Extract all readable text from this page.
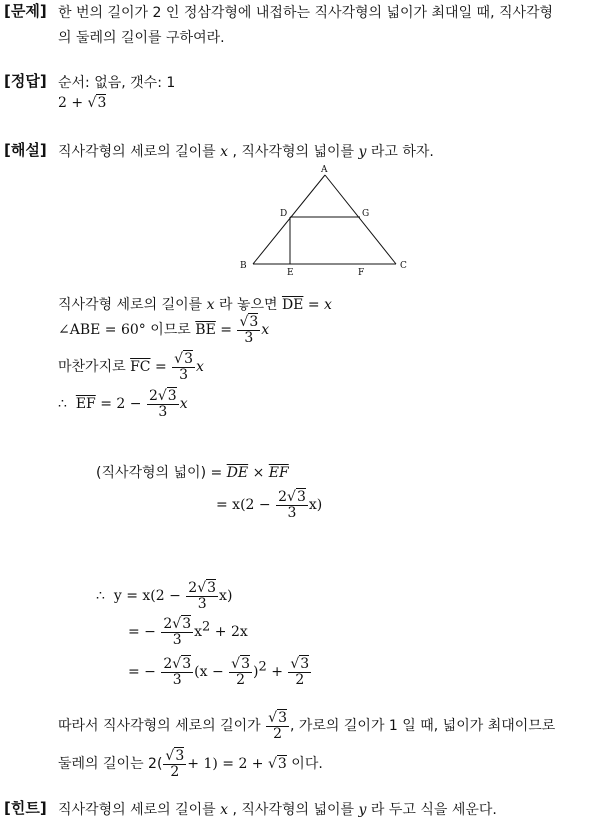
[문제] 한 번의 길이가 2 인 정삼각형에 내접하는 직사각형의 넓이가 최대일 때, 직사각형
의 둘레의 길이를 구하여라.
[정답] 순서: 없음, 갯수: 1
2 + √3
[해설] 직사각형의 세로의 길이를 x , 직사각형의 넓이를 y 라고 하자.
A
B	C
D
E	F
G
직사각형 세로의 길이를 x 라 놓으면 $\overline{DE} = x$
∠ABE = 60° 이므로 $\overline{BE} = \frac{√3}{3}$ x
마찬가지로 $\overline{FC} = \frac{√3}{3}$ x
∴ $\overline{EF} = 2 - \frac{2√3}{3}$ x
(직사각형의 넓이) = $\overline{DE} \times \overline{EF}$
= $x(2 - \frac{2√3}{3} x)$
∴ $y = x(2 - \frac{2√3}{3} x)$
= − $\frac{2√3}{3} x^2 + 2x$
= − $\frac{2√3}{3} (x - \frac{√3}{2} )^2 + \frac{√3}{2}$
따라서 직사각형의 세로의 길이가 $\frac{√3}{2}$ , 가로의 길이가 1 일 때, 넓이가 최대이므로
둘레의 길이는 $2( \frac{√3}{2} + 1) = 2 + √3$ 이다.
[힌트] 직사각형의 세로의 길이를 x , 직사각형의 넓이를 y 라 두고 식을 세운다.
